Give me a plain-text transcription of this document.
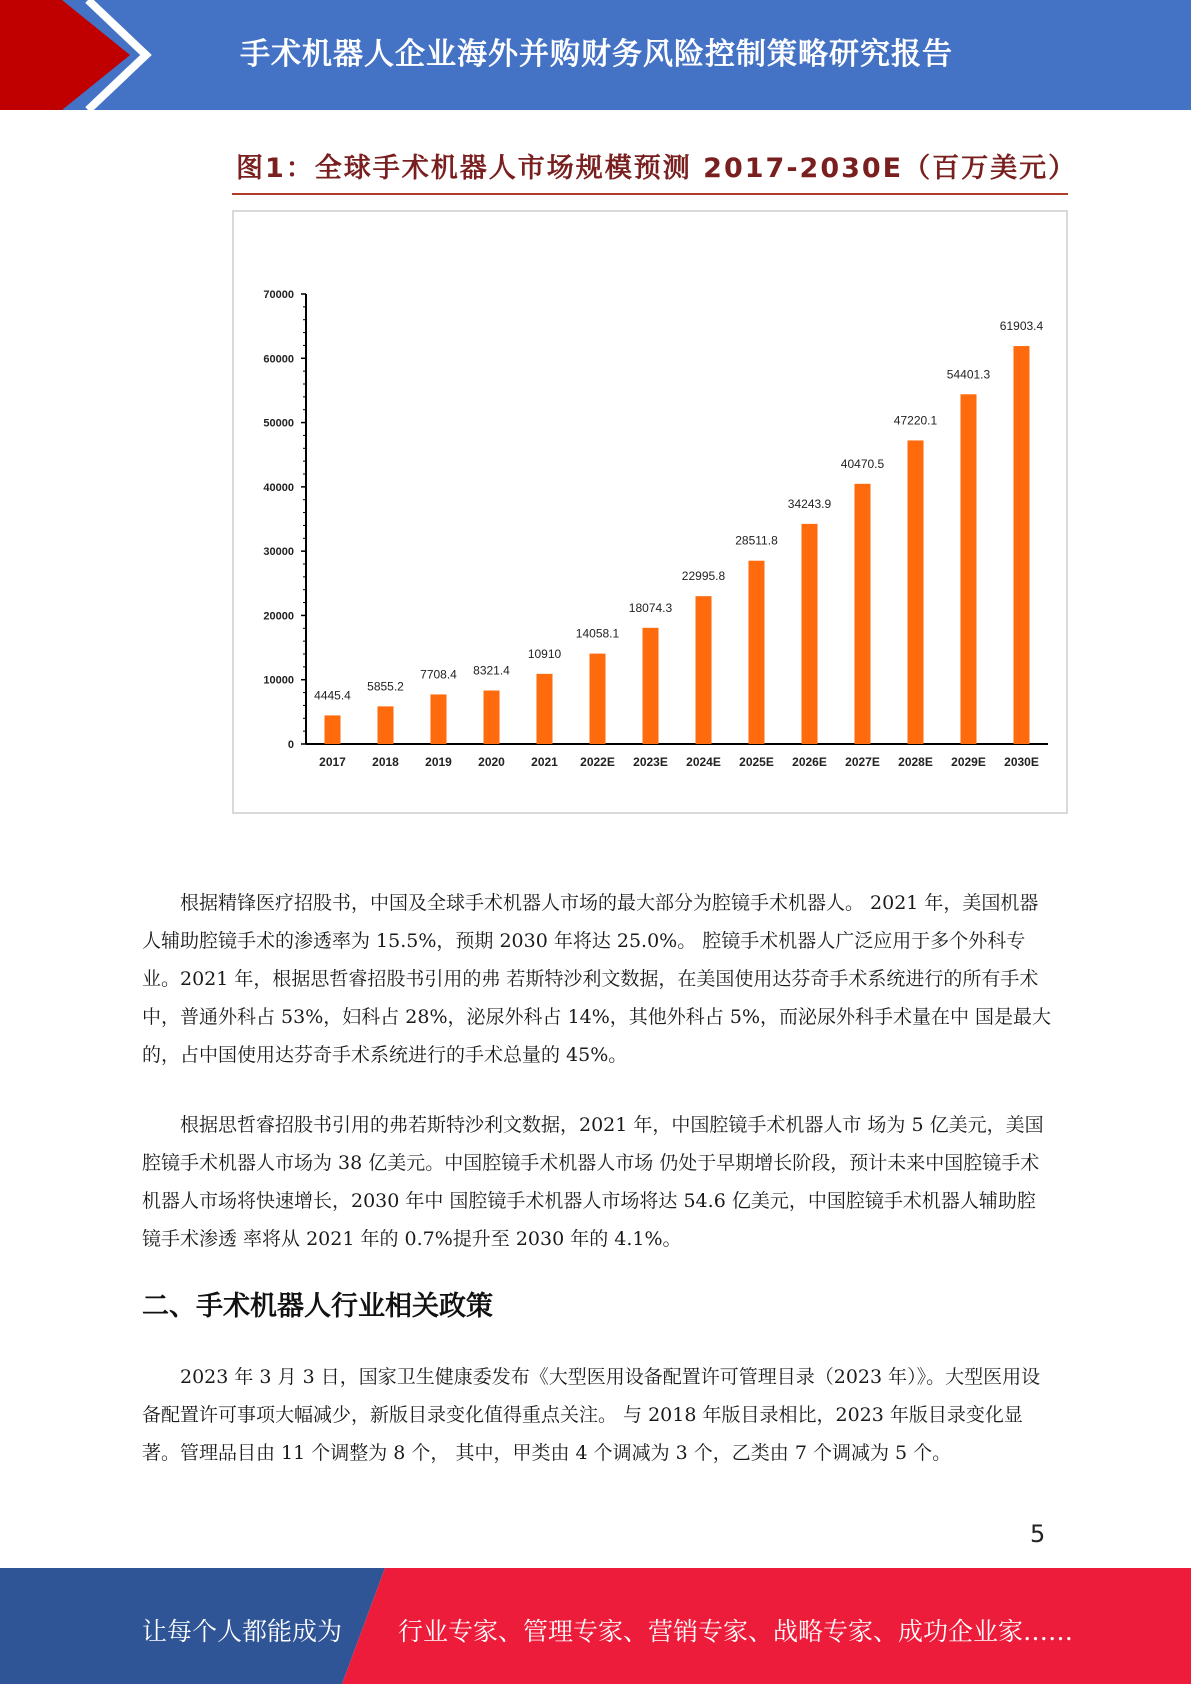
手术机器人企业海外并购财务风险控制策略研究报告
图1：全球手术机器人市场规模预测 2017-2030E（百万美元）
0
10000
20000
30000
40000
50000
60000
70000
4445.4
2017
5855.2
2018
7708.4
2019
8321.4
2020
10910
2021
14058.1
2022E
18074.3
2023E
22995.8
2024E
28511.8
2025E
34243.9
2026E
40470.5
2027E
47220.1
2028E
54401.3
2029E
61903.4
2030E

根据精锋医疗招股书，中国及全球手术机器人市场的最大部分为腔镜手术机器人。 2021 年，美国机器人辅助腔镜手术的渗透率为 15.5%，预期 2030 年将达 25.0%。 腔镜手术机器人广泛应用于多个外科专业。2021 年，根据思哲睿招股书引用的弗 若斯特沙利文数据，在美国使用达芬奇手术系统进行的所有手术中，普通外科占 53%，妇科占 28%，泌尿外科占 14%，其他外科占 5%，而泌尿外科手术量在中 国是最大的，占中国使用达芬奇手术系统进行的手术总量的 45%。

根据思哲睿招股书引用的弗若斯特沙利文数据，2021 年，中国腔镜手术机器人市 场为 5 亿美元，美国腔镜手术机器人市场为 38 亿美元。中国腔镜手术机器人市场 仍处于早期增长阶段，预计未来中国腔镜手术机器人市场将快速增长，2030 年中 国腔镜手术机器人市场将达 54.6 亿美元，中国腔镜手术机器人辅助腔镜手术渗透 率将从 2021 年的 0.7%提升至 2030 年的 4.1%。

二、手术机器人行业相关政策

2023 年 3 月 3 日，国家卫生健康委发布《大型医用设备配置许可管理目录（2023 年）》。大型医用设备配置许可事项大幅减少，新版目录变化值得重点关注。 与 2018 年版目录相比，2023 年版目录变化显著。管理品目由 11 个调整为 8 个， 其中，甲类由 4 个调减为 3 个，乙类由 7 个调减为 5 个。

5
让每个人都能成为 行业专家、管理专家、营销专家、战略专家、成功企业家……
